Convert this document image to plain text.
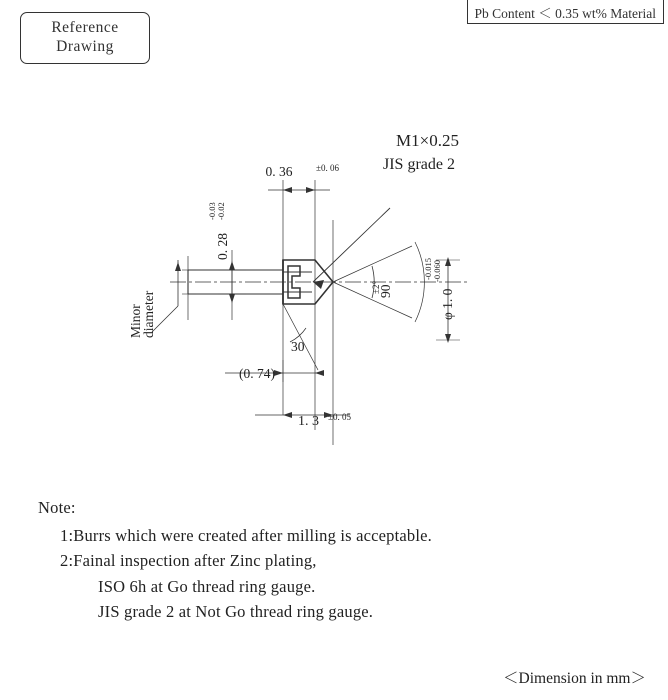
Reference
Drawing
Pb Content ＜ 0.35 wt% Material
M1×0.25
JIS grade 2
0. 36	±0. 06
Minor
diameter
0. 28
-0.03 -0.02
30
90
±2°
φ 1. 0
-0.015 -0.060
(0. 74)
1. 3 ±0. 05
Note:
1:Burrs which were created after milling is acceptable.
2:Fainal inspection after Zinc plating,
ISO 6h at Go thread ring gauge.
JIS grade 2 at Not Go thread ring gauge.
＜Dimension in mm＞
